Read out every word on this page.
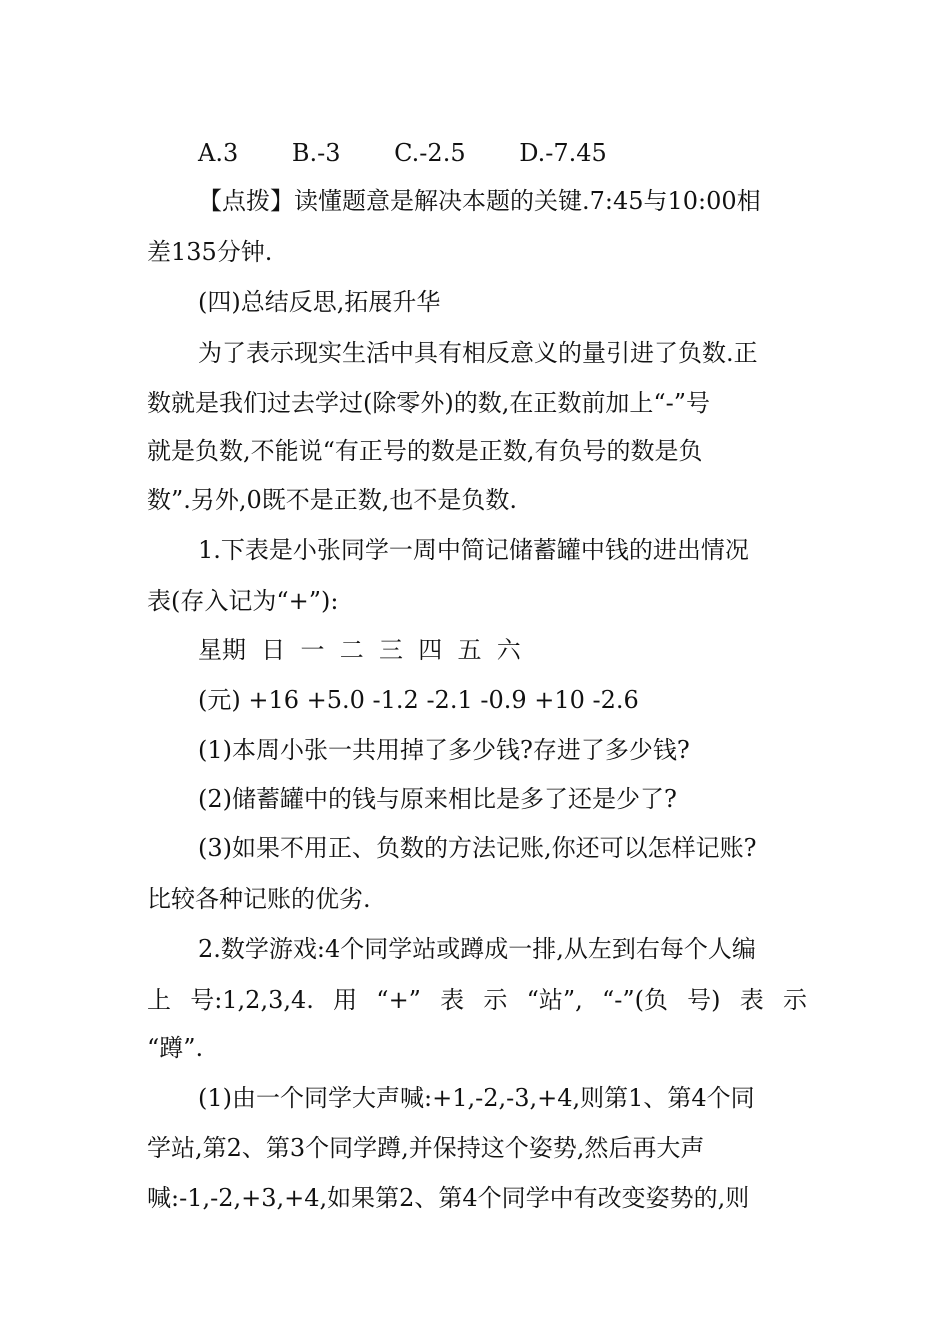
A.3 B.-3 C.-2.5 D.-7.45
【点拨】读懂题意是解决本题的关键.7:45与10:00相
差135分钟.
(四)总结反思,拓展升华
为了表示现实生活中具有相反意义的量引进了负数.正
数就是我们过去学过(除零外)的数,在正数前加上“-”号
就是负数,不能说“有正号的数是正数,有负号的数是负
数”.另外,0既不是正数,也不是负数.
1.下表是小张同学一周中简记储蓄罐中钱的进出情况
表(存入记为“+”):
星期  日  一  二  三  四  五  六
(元) +16 +5.0 -1.2 -2.1 -0.9 +10 -2.6
(1)本周小张一共用掉了多少钱?存进了多少钱?
(2)储蓄罐中的钱与原来相比是多了还是少了?
(3)如果不用正、负数的方法记账,你还可以怎样记账?
比较各种记账的优劣.
2.数学游戏:4个同学站或蹲成一排,从左到右每个人编
上 号:1,2,3,4. 用 “+” 表 示 “站”, “-”(负 号) 表 示
“蹲”.
(1)由一个同学大声喊:+1,-2,-3,+4,则第1、第4个同
学站,第2、第3个同学蹲,并保持这个姿势,然后再大声
喊:-1,-2,+3,+4,如果第2、第4个同学中有改变姿势的,则
